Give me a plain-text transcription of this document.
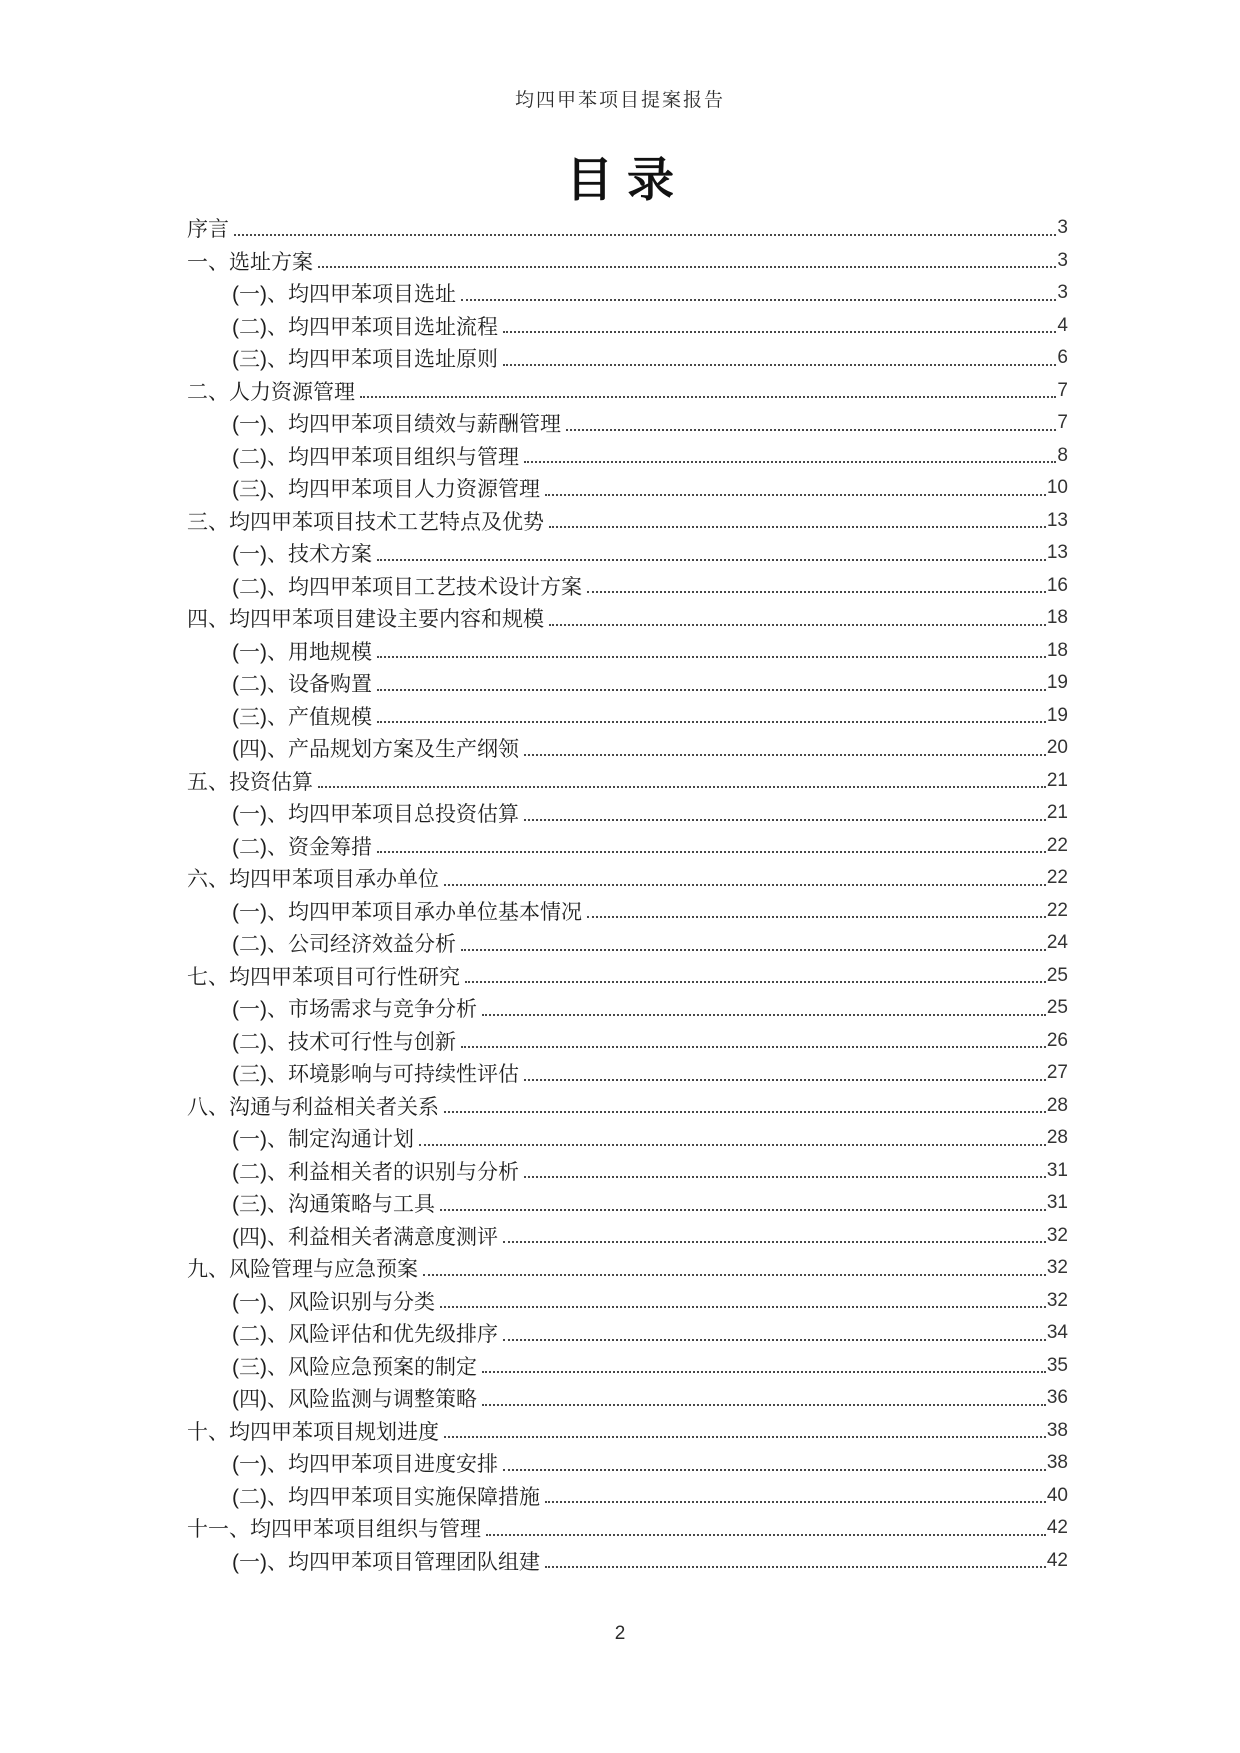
均四甲苯项目提案报告
目录
序言	3
一、选址方案	3
(一)、均四甲苯项目选址	3
(二)、均四甲苯项目选址流程	4
(三)、均四甲苯项目选址原则	6
二、人力资源管理	7
(一)、均四甲苯项目绩效与薪酬管理	7
(二)、均四甲苯项目组织与管理	8
(三)、均四甲苯项目人力资源管理	10
三、均四甲苯项目技术工艺特点及优势	13
(一)、技术方案	13
(二)、均四甲苯项目工艺技术设计方案	16
四、均四甲苯项目建设主要内容和规模	18
(一)、用地规模	18
(二)、设备购置	19
(三)、产值规模	19
(四)、产品规划方案及生产纲领	20
五、投资估算	21
(一)、均四甲苯项目总投资估算	21
(二)、资金筹措	22
六、均四甲苯项目承办单位	22
(一)、均四甲苯项目承办单位基本情况	22
(二)、公司经济效益分析	24
七、均四甲苯项目可行性研究	25
(一)、市场需求与竞争分析	25
(二)、技术可行性与创新	26
(三)、环境影响与可持续性评估	27
八、沟通与利益相关者关系	28
(一)、制定沟通计划	28
(二)、利益相关者的识别与分析	31
(三)、沟通策略与工具	31
(四)、利益相关者满意度测评	32
九、风险管理与应急预案	32
(一)、风险识别与分类	32
(二)、风险评估和优先级排序	34
(三)、风险应急预案的制定	35
(四)、风险监测与调整策略	36
十、均四甲苯项目规划进度	38
(一)、均四甲苯项目进度安排	38
(二)、均四甲苯项目实施保障措施	40
十一、均四甲苯项目组织与管理	42
(一)、均四甲苯项目管理团队组建	42
2
